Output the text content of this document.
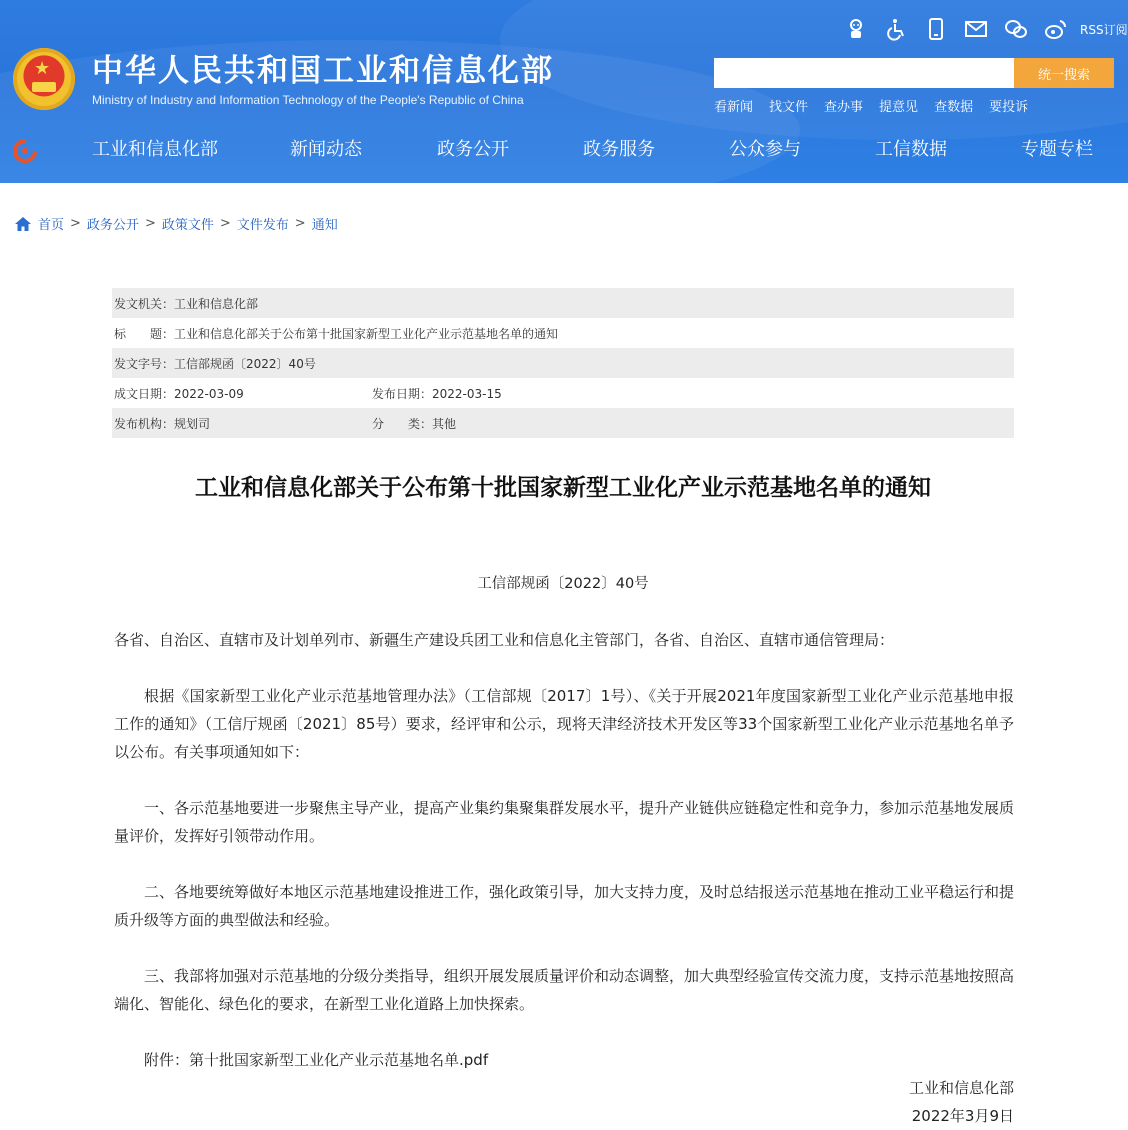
★ 中华人民共和国工业和信息化部
Ministry of Industry and Information Technology of the People's Republic of China
RSS订阅
统一搜索
看新闻 找文件 查办事 提意见 查数据 要投诉
工业和信息化部	新闻动态	政务公开	政务服务	公众参与	工信数据	专题专栏
首页 > 政务公开 > 政策文件 > 文件发布 > 通知
发文机关： 工业和信息化部
标　　题： 工业和信息化部关于公布第十批国家新型工业化产业示范基地名单的通知
发文字号： 工信部规函〔2022〕40号
成文日期：2022-03-09	发布日期：2022-03-15
发布机构：规划司	分　　类：其他
工业和信息化部关于公布第十批国家新型工业化产业示范基地名单的通知
工信部规函〔2022〕40号

各省、自治区、直辖市及计划单列市、新疆生产建设兵团工业和信息化主管部门，各省、自治区、直辖市通信管理局：

根据《国家新型工业化产业示范基地管理办法》（工信部规〔2017〕1号）、《关于开展2021年度国家新型工业化产业示范基地申报工作的通知》（工信厅规函〔2021〕85号）要求，经评审和公示，现将天津经济技术开发区等33个国家新型工业化产业示范基地名单予以公布。有关事项通知如下：

一、各示范基地要进一步聚焦主导产业，提高产业集约集聚集群发展水平，提升产业链供应链稳定性和竞争力，参加示范基地发展质量评价，发挥好引领带动作用。

二、各地要统筹做好本地区示范基地建设推进工作，强化政策引导，加大支持力度，及时总结报送示范基地在推动工业平稳运行和提质升级等方面的典型做法和经验。

三、我部将加强对示范基地的分级分类指导，组织开展发展质量评价和动态调整，加大典型经验宣传交流力度，支持示范基地按照高端化、智能化、绿色化的要求，在新型工业化道路上加快探索。

附件：第十批国家新型工业化产业示范基地名单.pdf

工业和信息化部
2022年3月9日
